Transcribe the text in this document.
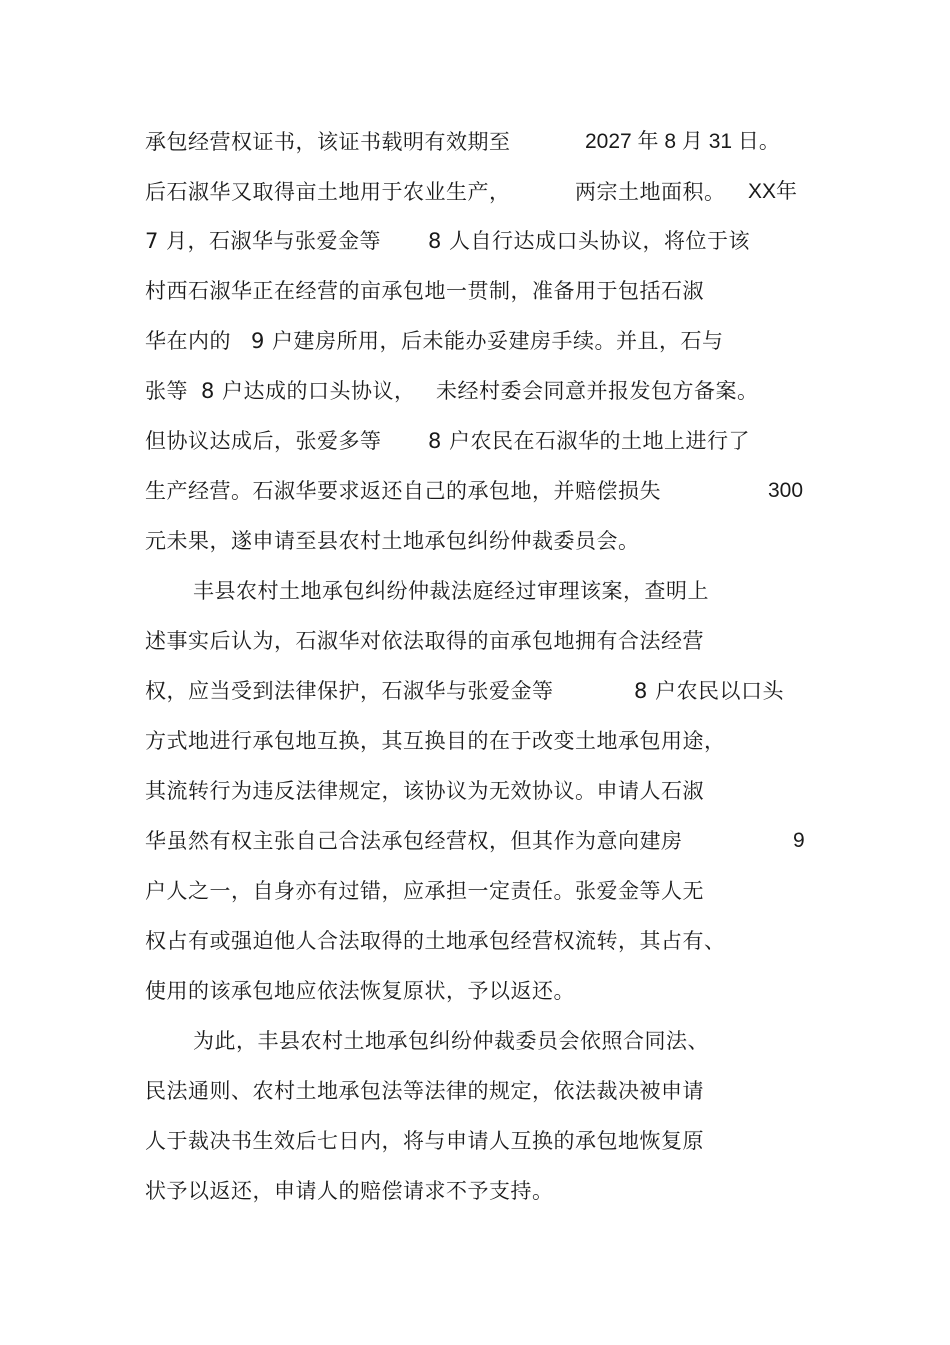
承包经营权证书，该证书载明有效期至

	2027 年 8 月 31 日。

后石淑华又取得亩土地用于农业生产，

	两宗土地面积。

XX年

7 月，石淑华与张爱金等

8 人自行达成口头协议，将位于该

村西石淑华正在经营的亩承包地一贯制，准备用于包括石淑

华在内的

9 户建房所用，后未能办妥建房手续。并且，石与

张等

8 户达成的口头协议，

未经村委会同意并报发包方备案。

但协议达成后，张爱多等

8 户农民在石淑华的土地上进行了

生产经营。石淑华要求返还自己的承包地，并赔偿损失

	300

元未果，遂申请至县农村土地承包纠纷仲裁委员会。

丰县农村土地承包纠纷仲裁法庭经过审理该案，查明上

述事实后认为，石淑华对依法取得的亩承包地拥有合法经营

权，应当受到法律保护，石淑华与张爱金等

	8 户农民以口头

方式地进行承包地互换，其互换目的在于改变土地承包用途，

其流转行为违反法律规定，该协议为无效协议。申请人石淑

华虽然有权主张自己合法承包经营权，但其作为意向建房

	9

户人之一，自身亦有过错，应承担一定责任。张爱金等人无

权占有或强迫他人合法取得的土地承包经营权流转，其占有、

使用的该承包地应依法恢复原状，予以返还。

为此，丰县农村土地承包纠纷仲裁委员会依照合同法、

民法通则、农村土地承包法等法律的规定，依法裁决被申请

人于裁决书生效后七日内，将与申请人互换的承包地恢复原

状予以返还，申请人的赔偿请求不予支持。
